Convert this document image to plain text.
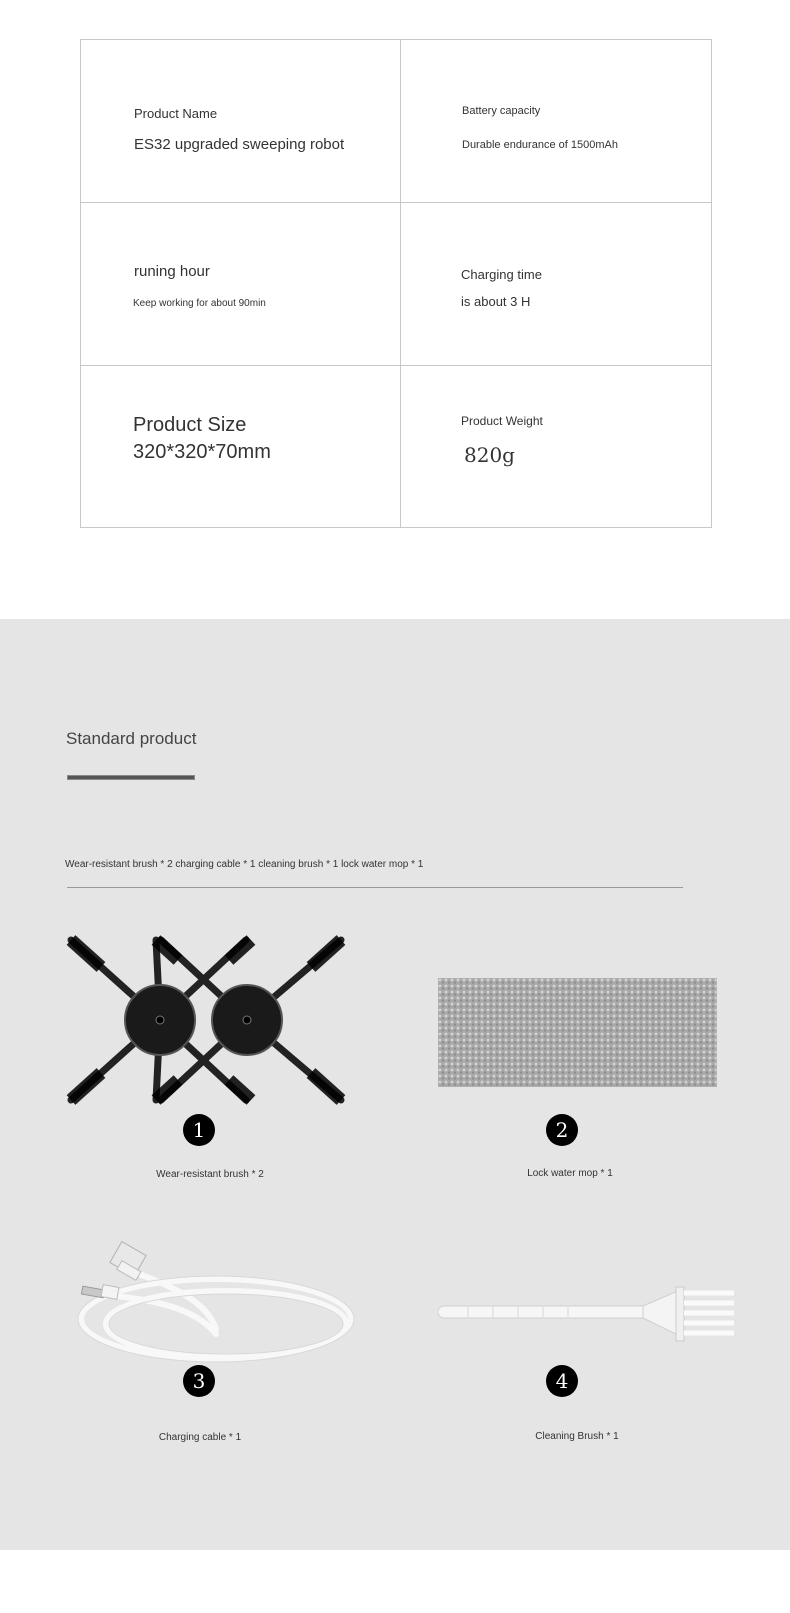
Product Name
ES32 upgraded sweeping robot
Battery capacity
Durable endurance of 1500mAh
runing hour
Keep working for about 90min
Charging time
is about 3 H
Product Size
320*320*70mm
Product Weight
820g
Standard product
Wear-resistant brush * 2 charging cable * 1 cleaning brush * 1 lock water mop * 1
1
Wear-resistant brush * 2
2
Lock water mop * 1
3
Charging cable * 1
4
Cleaning Brush * 1
